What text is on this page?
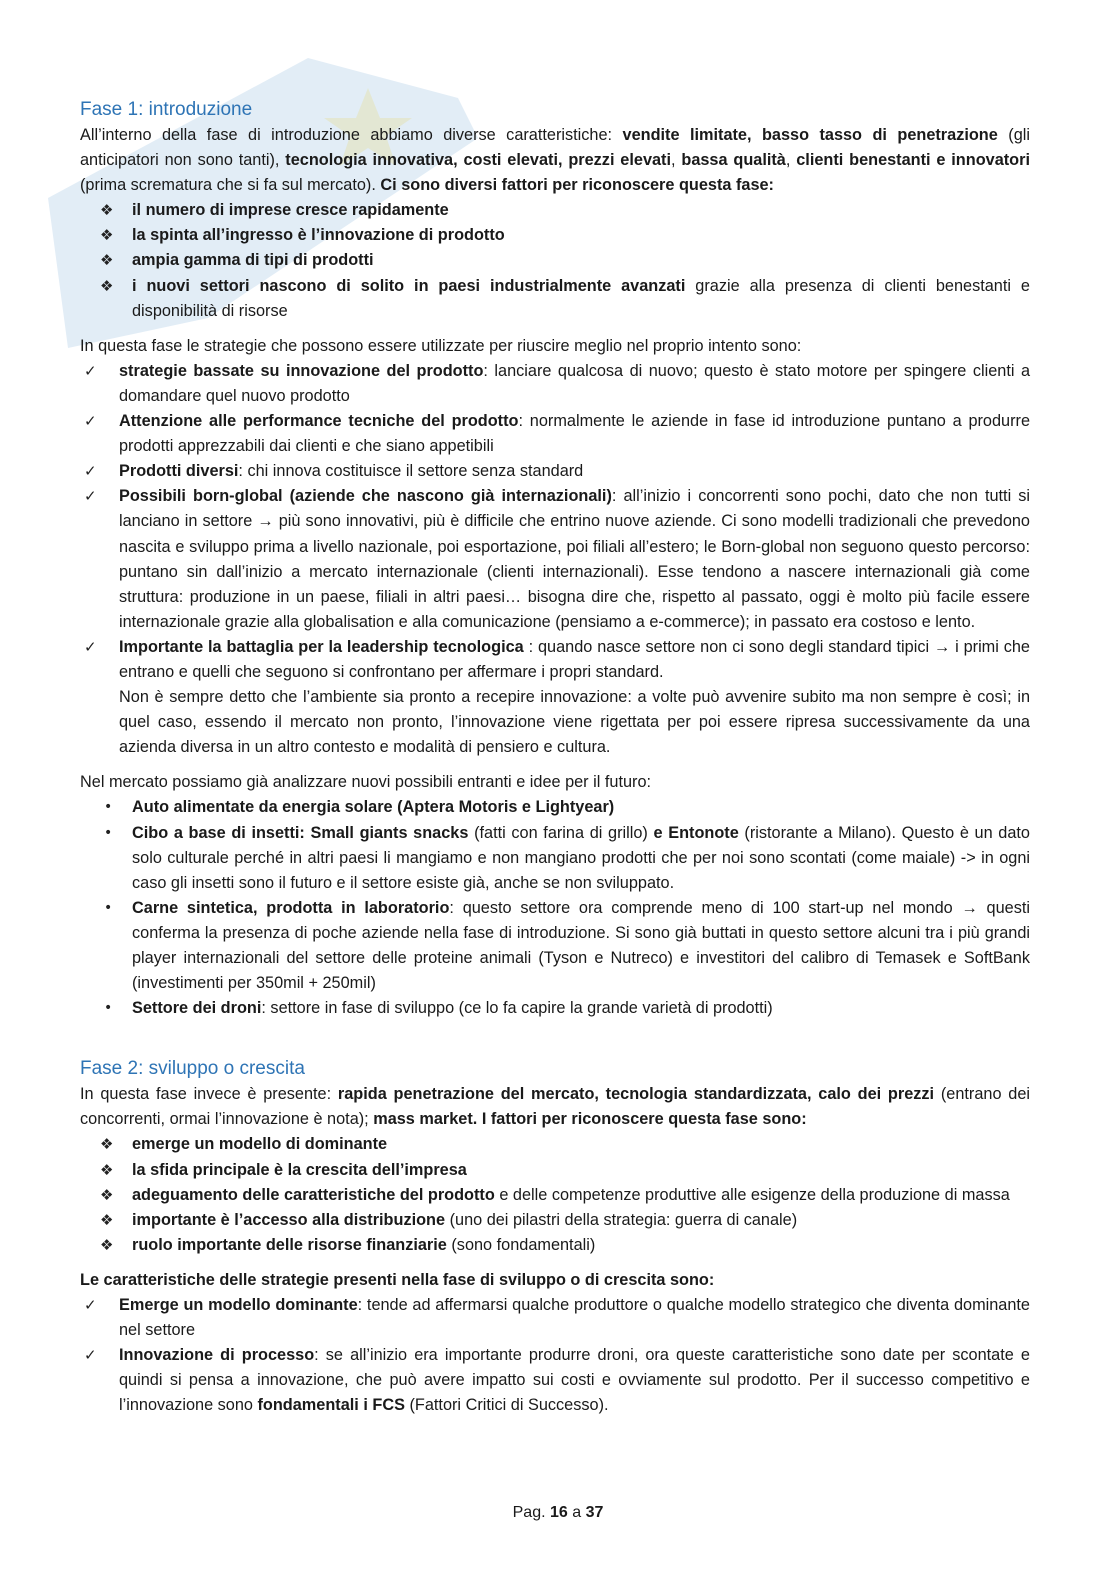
Fase 1: introduzione

All’interno della fase di introduzione abbiamo diverse caratteristiche: vendite limitate, basso tasso di penetrazione (gli anticipatori non sono tanti), tecnologia innovativa, costi elevati, prezzi elevati, bassa qualità, clienti benestanti e innovatori (prima scrematura che si fa sul mercato). Ci sono diversi fattori per riconoscere questa fase:

❖ il numero di imprese cresce rapidamente
❖ la spinta all’ingresso è l’innovazione di prodotto
❖ ampia gamma di tipi di prodotti
❖ i nuovi settori nascono di solito in paesi industrialmente avanzati grazie alla presenza di clienti benestanti e disponibilità di risorse

In questa fase le strategie che possono essere utilizzate per riuscire meglio nel proprio intento sono:

✓ strategie bassate su innovazione del prodotto: lanciare qualcosa di nuovo; questo è stato motore per spingere clienti a domandare quel nuovo prodotto
✓ Attenzione alle performance tecniche del prodotto: normalmente le aziende in fase id introduzione puntano a produrre prodotti apprezzabili dai clienti e che siano appetibili
✓ Prodotti diversi: chi innova costituisce il settore senza standard
✓ Possibili born-global (aziende che nascono già internazionali): all’inizio i concorrenti sono pochi, dato che non tutti si lanciano in settore → più sono innovativi, più è difficile che entrino nuove aziende. Ci sono modelli tradizionali che prevedono nascita e sviluppo prima a livello nazionale, poi esportazione, poi filiali all’estero; le Born-global non seguono questo percorso: puntano sin dall’inizio a mercato internazionale (clienti internazionali). Esse tendono a nascere internazionali già come struttura: produzione in un paese, filiali in altri paesi… bisogna dire che, rispetto al passato, oggi è molto più facile essere internazionale grazie alla globalisation e alla comunicazione (pensiamo a e-commerce); in passato era costoso e lento.
✓ Importante la battaglia per la leadership tecnologica : quando nasce settore non ci sono degli standard tipici → i primi che entrano e quelli che seguono si confrontano per affermare i propri standard.

Non è sempre detto che l’ambiente sia pronto a recepire innovazione: a volte può avvenire subito ma non sempre è così; in quel caso, essendo il mercato non pronto, l’innovazione viene rigettata per poi essere ripresa successivamente da una azienda diversa in un altro contesto e modalità di pensiero e cultura.

Nel mercato possiamo già analizzare nuovi possibili entranti e idee per il futuro:

• Auto alimentate da energia solare (Aptera Motoris e Lightyear)
• Cibo a base di insetti: Small giants snacks (fatti con farina di grillo) e Entonote (ristorante a Milano). Questo è un dato solo culturale perché in altri paesi li mangiamo e non mangiano prodotti che per noi sono scontati (come maiale) -> in ogni caso gli insetti sono il futuro e il settore esiste già, anche se non sviluppato.
• Carne sintetica, prodotta in laboratorio: questo settore ora comprende meno di 100 start-up nel mondo → questi conferma la presenza di poche aziende nella fase di introduzione. Si sono già buttati in questo settore alcuni tra i più grandi player internazionali del settore delle proteine animali (Tyson e Nutreco) e investitori del calibro di Temasek e SoftBank (investimenti per 350mil + 250mil)
• Settore dei droni: settore in fase di sviluppo (ce lo fa capire la grande varietà di prodotti)
Fase 2: sviluppo o crescita

In questa fase invece è presente: rapida penetrazione del mercato, tecnologia standardizzata, calo dei prezzi (entrano dei concorrenti, ormai l’innovazione è nota); mass market. I fattori per riconoscere questa fase sono:

❖ emerge un modello di dominante
❖ la sfida principale è la crescita dell’impresa
❖ adeguamento delle caratteristiche del prodotto e delle competenze produttive alle esigenze della produzione di massa
❖ importante è l’accesso alla distribuzione (uno dei pilastri della strategia: guerra di canale)
❖ ruolo importante delle risorse finanziarie (sono fondamentali)

Le caratteristiche delle strategie presenti nella fase di sviluppo o di crescita sono:

✓ Emerge un modello dominante: tende ad affermarsi qualche produttore o qualche modello strategico che diventa dominante nel settore
✓ Innovazione di processo: se all’inizio era importante produrre droni, ora queste caratteristiche sono date per scontate e quindi si pensa a innovazione, che può avere impatto sui costi e ovviamente sul prodotto. Per il successo competitivo e l’innovazione sono fondamentali i FCS (Fattori Critici di Successo).
Pag. 16 a 37
